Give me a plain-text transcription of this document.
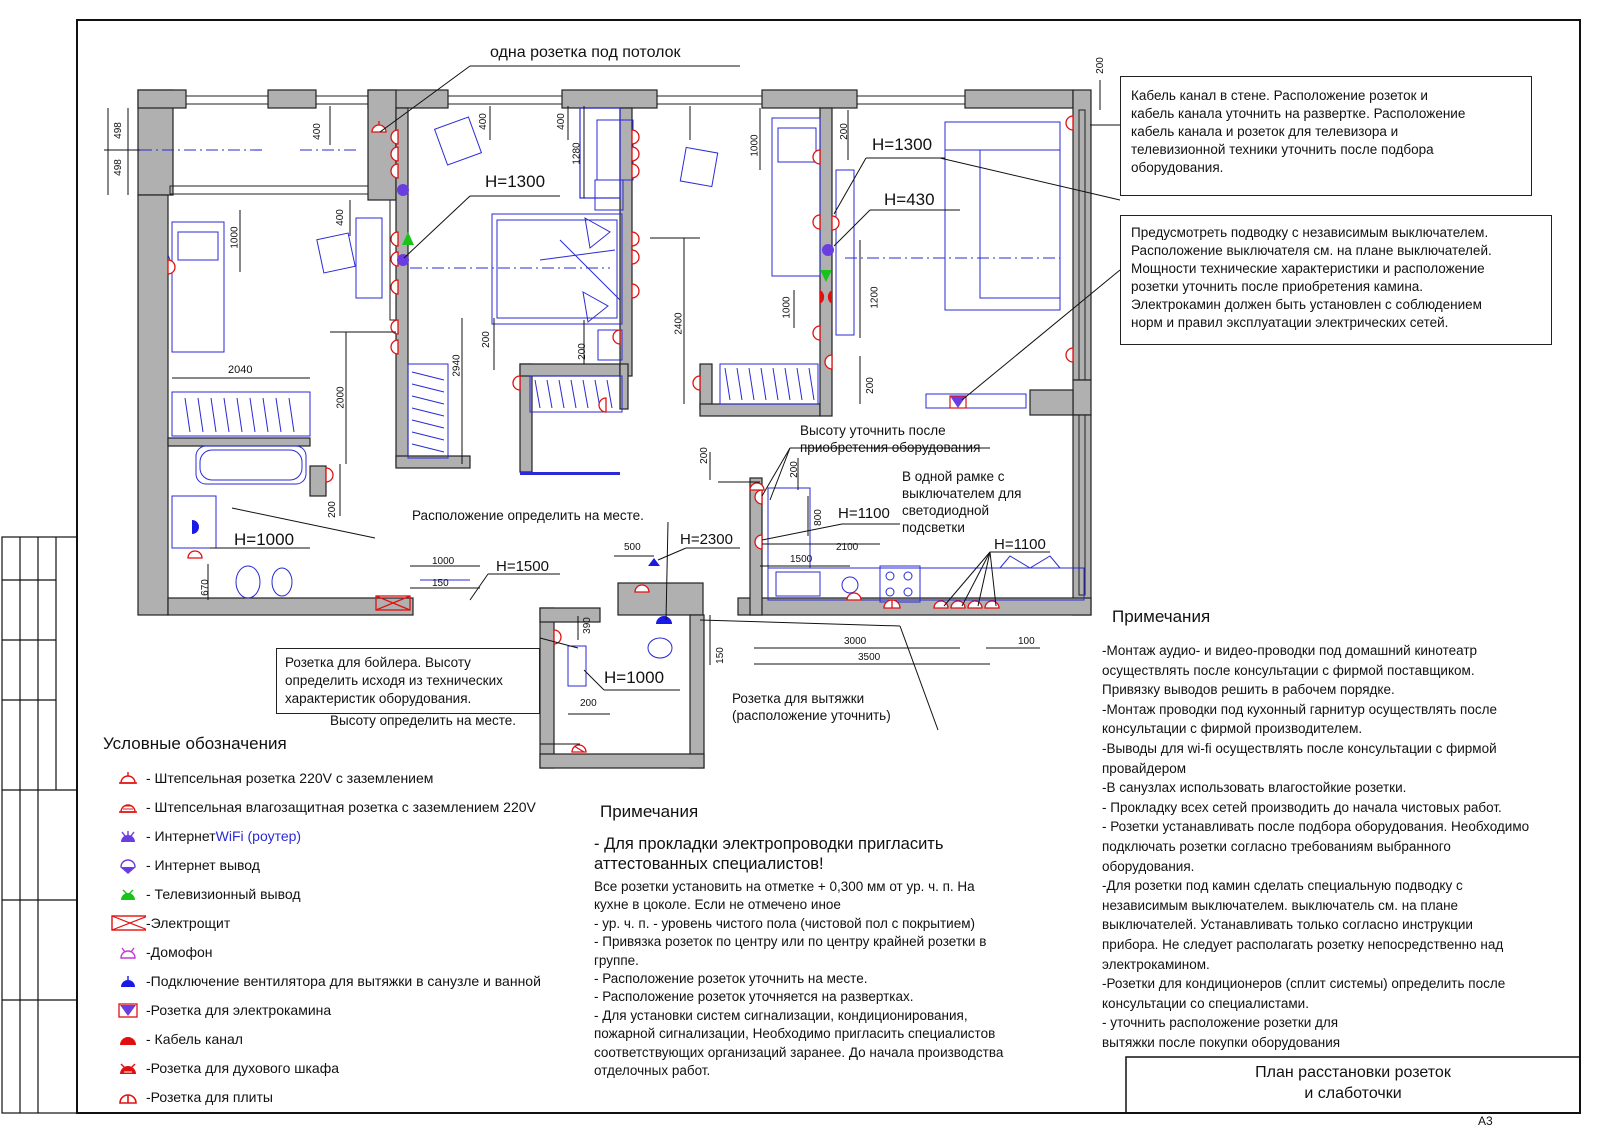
одна розетка под потолок
H=1300
H=1300
H=430
H=1000
H=1100
H=1100
H=1500
H=2300
H=1000
498
498
400
400
400	400
1280	1000
200
200
200
200
200
200
200
200
1000
2040
2000
2940
2400
1000	1200
670
1000
150
500
390
200
800
2100
1500
3000
3500
100
150
Кабель канал в стене. Расположение розеток и
кабель канала уточнить на развертке. Расположение
кабель канала и розеток для телевизора и
телевизионной техники уточнить после подбора
оборудования.
Предусмотреть подводку с независимым выключателем.
Расположение выключателя см. на плане выключателей.
Мощности технические характеристики и расположение
розетки уточнить после приобретения камина.
Электрокамин должен быть установлен с соблюдением
норм и правил эксплуатации электрических сетей.
Высоту уточнить после
приобретения оборудования
В одной рамке с
выключателем для
светодиодной
подсветки
Расположение определить на месте.
Розетка для бойлера. Высоту
определить исходя из технических
характеристик оборудования.	Розетка для вытяжки
(расположение уточнить)
Высоту определить на месте.
Условные обозначения
- Штепсельная розетка 220V с заземлением
- Штепсельная влагозащитная розетка с заземлением 220V
- Интернет WiFi (роутер)
- Интернет вывод
- Телевизионный вывод
-Электрощит
-Домофон
-Подключение вентилятора для вытяжки в санузле и ванной
-Розетка для электрокамина
- Кабель канал
-Розетка для духового шкафа
-Розетка для плиты
Примечания
- Для прокладки электропроводки пригласить
аттестованных специалистов!
Все розетки установить на отметке + 0,300 мм от ур. ч. п. На
кухне в цоколе. Если не отмечено иное
- ур. ч. п. - уровень чистого пола (чистовой пол с покрытием)
- Привязка розеток по центру или по центру крайней розетки в
группе.
- Расположение розеток уточнить на месте.
- Расположение розеток уточняется на развертках.
- Для установки систем сигнализации, кондиционирования,
пожарной сигнализации, Необходимо пригласить специалистов
соответствующих организаций заранее. До начала производства
отделочных работ.
Примечания
-Монтаж аудио- и видео-проводки под домашний кинотеатр
осуществлять после консультации с фирмой поставщиком.
Привязку выводов решить в рабочем порядке.
-Монтаж проводки под кухонный гарнитур осуществлять после
консультации с фирмой производителем.
-Выводы для wi-fi осуществлять после консультации с фирмой
провайдером
-В санузлах использовать влагостойкие розетки.
- Прокладку всех сетей производить до начала чистовых работ.
- Розетки устанавливать после подбора оборудования. Необходимо
подключать розетки согласно требованиям выбранного
оборудования.
-Для розетки под камин сделать специальную подводку с
независимым выключателем. выключатель см. на плане
выключателей. Устанавливать только согласно инструкции
прибора. Не следует располагать розетку непосредственно над
электрокамином.
-Розетки для кондиционеров (сплит системы) определить после
консультации со специалистами.
- уточнить расположение розетки для
вытяжки после покупки оборудования
План расстановки розеток
и слаботочки
А3
